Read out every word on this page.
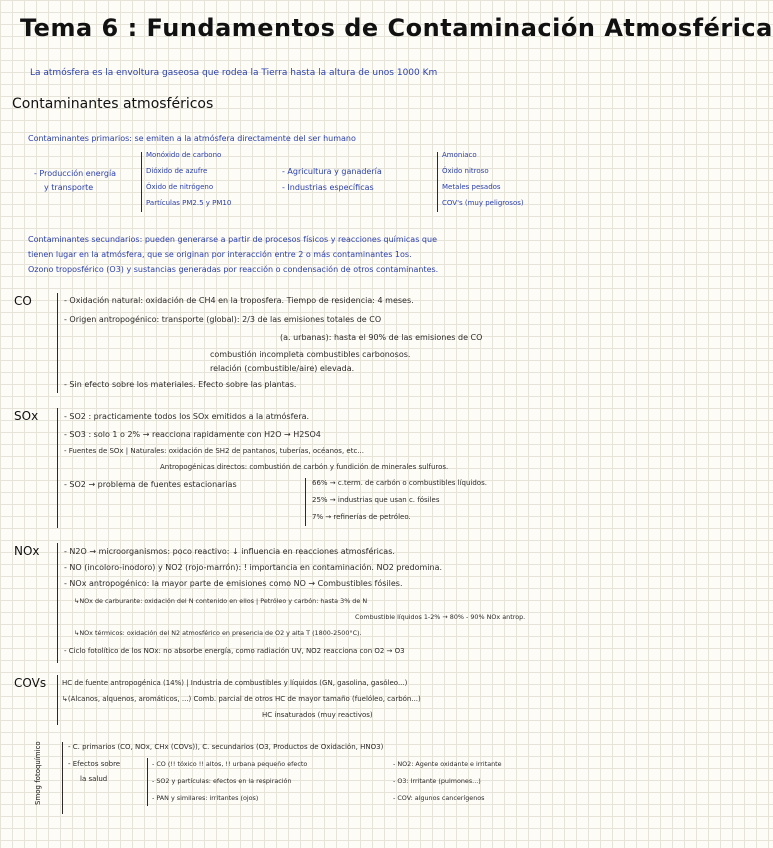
Tema 6 : Fundamentos de Contaminación Atmosférica
La atmósfera es la envoltura gaseosa que rodea la Tierra hasta la altura de unos 1000 Km
Contaminantes atmosféricos
Contaminantes primarios: se emiten a la atmósfera directamente del ser humano
- Producción energía
y transporte
Monóxido de carbono
Dióxido de azufre
Óxido de nitrógeno
Partículas PM2.5 y PM10
- Agricultura y ganadería
- Industrias específicas
Amoniaco
Óxido nitroso
Metales pesados
COV's (muy peligrosos)
Contaminantes secundarios: pueden generarse a partir de procesos físicos y reacciones químicas que
tienen lugar en la atmósfera, que se originan por interacción entre 2 o más contaminantes 1os.
Ozono troposférico (O3) y sustancias generadas por reacción o condensación de otros contaminantes.
CO	- Oxidación natural: oxidación de CH4 en la troposfera. Tiempo de residencia: 4 meses.
- Origen antropogénico: transporte (global): 2/3 de las emisiones totales de CO
(a. urbanas): hasta el 90% de las emisiones de CO
combustión incompleta combustibles carbonosos.
relación (combustible/aire) elevada.
- Sin efecto sobre los materiales. Efecto sobre las plantas.
SOx	- SO2 : practicamente todos los SOx emitidos a la atmósfera.
- SO3 : solo 1 o 2% → reacciona rapidamente con H2O → H2SO4
- Fuentes de SOx | Naturales: oxidación de SH2 de pantanos, tuberías, océanos, etc...
Antropogénicas directos: combustión de carbón y fundición de minerales sulfuros.
- SO2 → problema de fuentes estacionarias	66% → c.term. de carbón o combustibles líquidos.
25% → industrias que usan c. fósiles
7% → refinerías de petróleo.
NOx	- N2O → microorganismos: poco reactivo: ↓ influencia en reacciones atmosféricas.
- NO (incoloro-inodoro) y NO2 (rojo-marrón): ! importancia en contaminación. NO2 predomina.
- NOx antropogénico: la mayor parte de emisiones como NO → Combustibles fósiles.
↳NOx de carburante: oxidación del N contenido en ellos | Petróleo y carbón: hasta 3% de N
Combustible líquidos 1-2% → 80% - 90% NOx antrop.
↳NOx térmicos: oxidación del N2 atmosférico en presencia de O2 y alta T (1800-2500°C).
- Ciclo fotolítico de los NOx: no absorbe energía, como radiación UV, NO2 reacciona con O2 → O3
COVs HC de fuente antropogénica (14%) | Industria de combustibles y líquidos (GN, gasolina, gasóleo...)
↳(Alcanos, alquenos, aromáticos, ...) Comb. parcial de otros HC de mayor tamaño (fuelóleo, carbón...)
HC insaturados (muy reactivos)
Smog fotoquímico	- C. primarios (CO, NOx, CHx (COVs)), C. secundarios (O3, Productos de Oxidación, HNO3)
- Efectos sobre
la salud
- CO (!! tóxico !! altos, !! urbana pequeño efecto
- SO2 y partículas: efectos en la respiración
- PAN y similares: irritantes (ojos)
- NO2: Agente oxidante e irritante
- O3: Irritante (pulmones...)
- COV: algunos cancerígenos
